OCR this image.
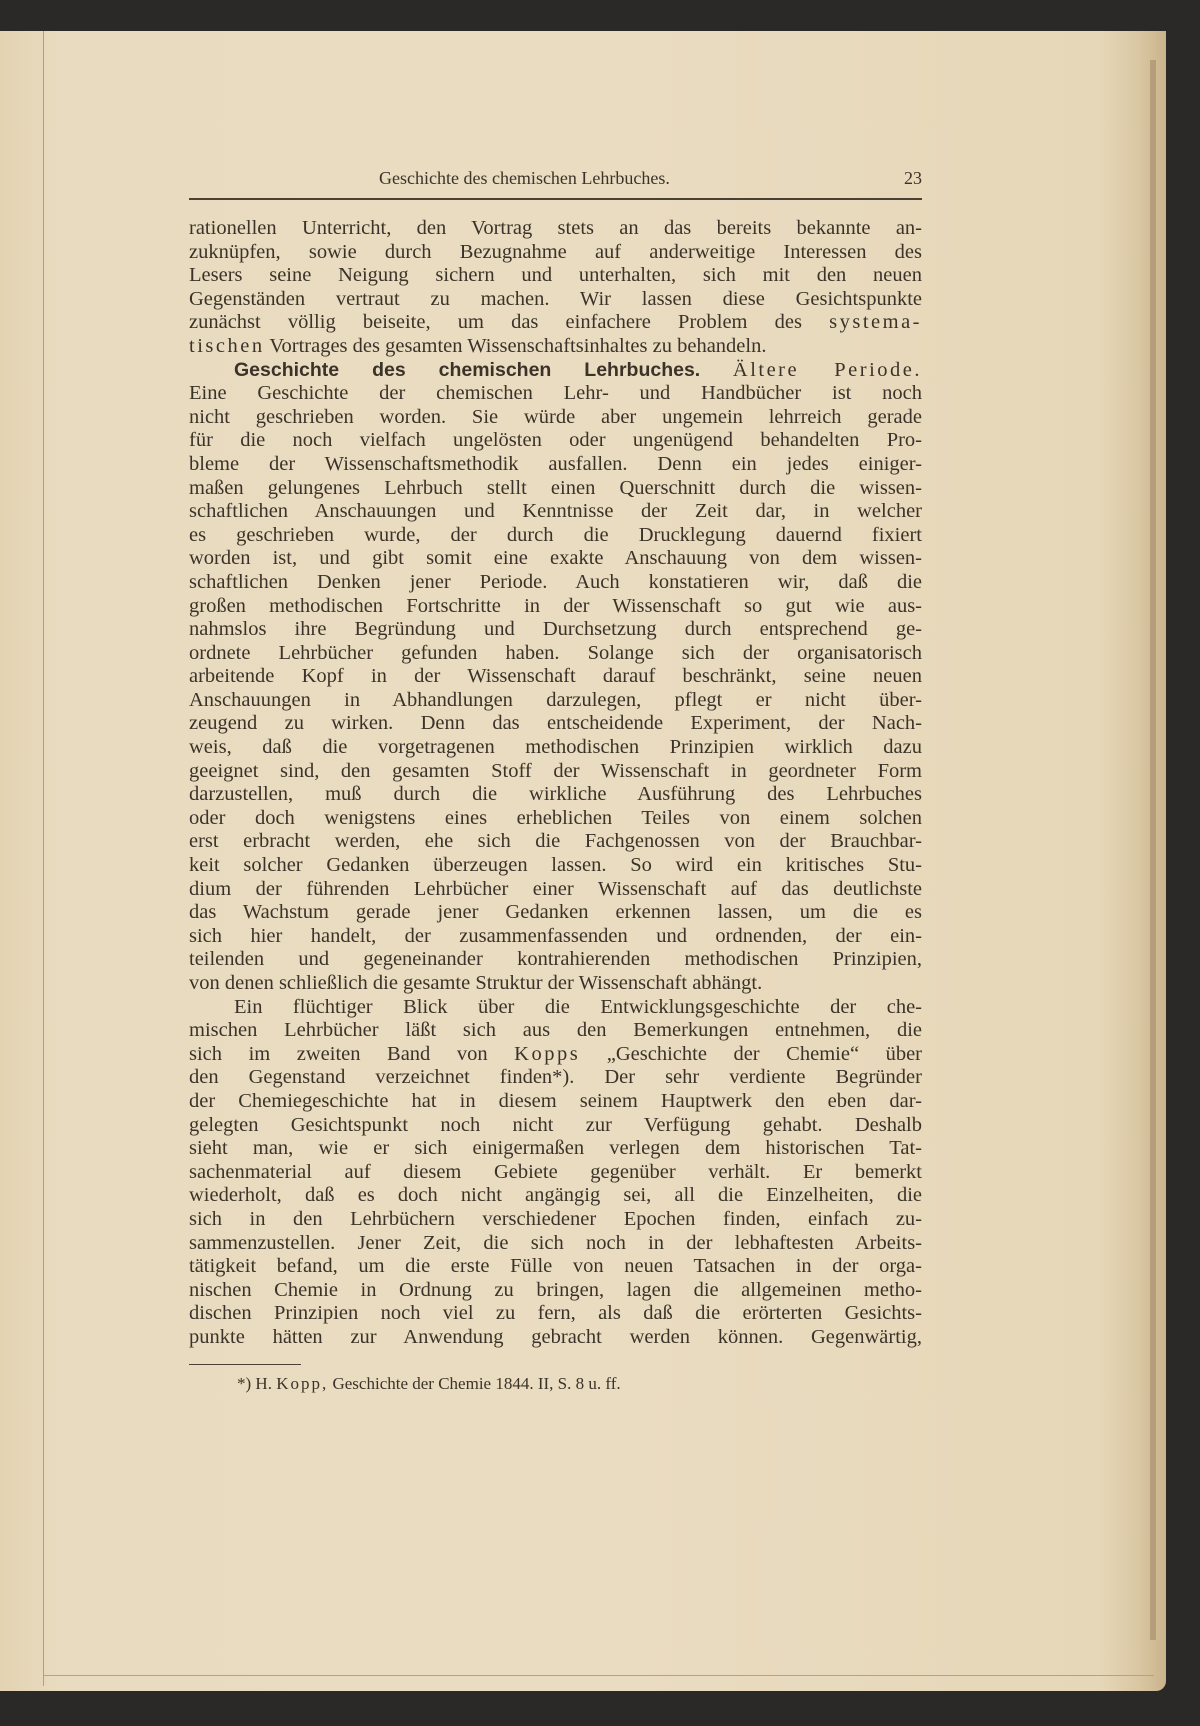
Geschichte des chemischen Lehrbuches.	23
rationellen Unterricht, den Vortrag stets an das bereits bekannte an-
zuknüpfen, sowie durch Bezugnahme auf anderweitige Interessen des
Lesers seine Neigung sichern und unterhalten, sich mit den neuen
Gegenständen vertraut zu machen. Wir lassen diese Gesichtspunkte
zunächst völlig beiseite, um das einfachere Problem des systema-
tischen Vortrages des gesamten Wissenschaftsinhaltes zu behandeln.
Geschichte des chemischen Lehrbuches. Ältere Periode.
Eine Geschichte der chemischen Lehr- und Handbücher ist noch
nicht geschrieben worden. Sie würde aber ungemein lehrreich gerade
für die noch vielfach ungelösten oder ungenügend behandelten Pro-
bleme der Wissenschaftsmethodik ausfallen. Denn ein jedes einiger-
maßen gelungenes Lehrbuch stellt einen Querschnitt durch die wissen-
schaftlichen Anschauungen und Kenntnisse der Zeit dar, in welcher
es geschrieben wurde, der durch die Drucklegung dauernd fixiert
worden ist, und gibt somit eine exakte Anschauung von dem wissen-
schaftlichen Denken jener Periode. Auch konstatieren wir, daß die
großen methodischen Fortschritte in der Wissenschaft so gut wie aus-
nahmslos ihre Begründung und Durchsetzung durch entsprechend ge-
ordnete Lehrbücher gefunden haben. Solange sich der organisatorisch
arbeitende Kopf in der Wissenschaft darauf beschränkt, seine neuen
Anschauungen in Abhandlungen darzulegen, pflegt er nicht über-
zeugend zu wirken. Denn das entscheidende Experiment, der Nach-
weis, daß die vorgetragenen methodischen Prinzipien wirklich dazu
geeignet sind, den gesamten Stoff der Wissenschaft in geordneter Form
darzustellen, muß durch die wirkliche Ausführung des Lehrbuches
oder doch wenigstens eines erheblichen Teiles von einem solchen
erst erbracht werden, ehe sich die Fachgenossen von der Brauchbar-
keit solcher Gedanken überzeugen lassen. So wird ein kritisches Stu-
dium der führenden Lehrbücher einer Wissenschaft auf das deutlichste
das Wachstum gerade jener Gedanken erkennen lassen, um die es
sich hier handelt, der zusammenfassenden und ordnenden, der ein-
teilenden und gegeneinander kontrahierenden methodischen Prinzipien,
von denen schließlich die gesamte Struktur der Wissenschaft abhängt.
Ein flüchtiger Blick über die Entwicklungsgeschichte der che-
mischen Lehrbücher läßt sich aus den Bemerkungen entnehmen, die
sich im zweiten Band von Kopps „Geschichte der Chemie“ über
den Gegenstand verzeichnet finden*). Der sehr verdiente Begründer
der Chemiegeschichte hat in diesem seinem Hauptwerk den eben dar-
gelegten Gesichtspunkt noch nicht zur Verfügung gehabt. Deshalb
sieht man, wie er sich einigermaßen verlegen dem historischen Tat-
sachenmaterial auf diesem Gebiete gegenüber verhält. Er bemerkt
wiederholt, daß es doch nicht angängig sei, all die Einzelheiten, die
sich in den Lehrbüchern verschiedener Epochen finden, einfach zu-
sammenzustellen. Jener Zeit, die sich noch in der lebhaftesten Arbeits-
tätigkeit befand, um die erste Fülle von neuen Tatsachen in der orga-
nischen Chemie in Ordnung zu bringen, lagen die allgemeinen metho-
dischen Prinzipien noch viel zu fern, als daß die erörterten Gesichts-
punkte hätten zur Anwendung gebracht werden können. Gegenwärtig,
*) H. Kopp, Geschichte der Chemie 1844. II, S. 8 u. ff.
